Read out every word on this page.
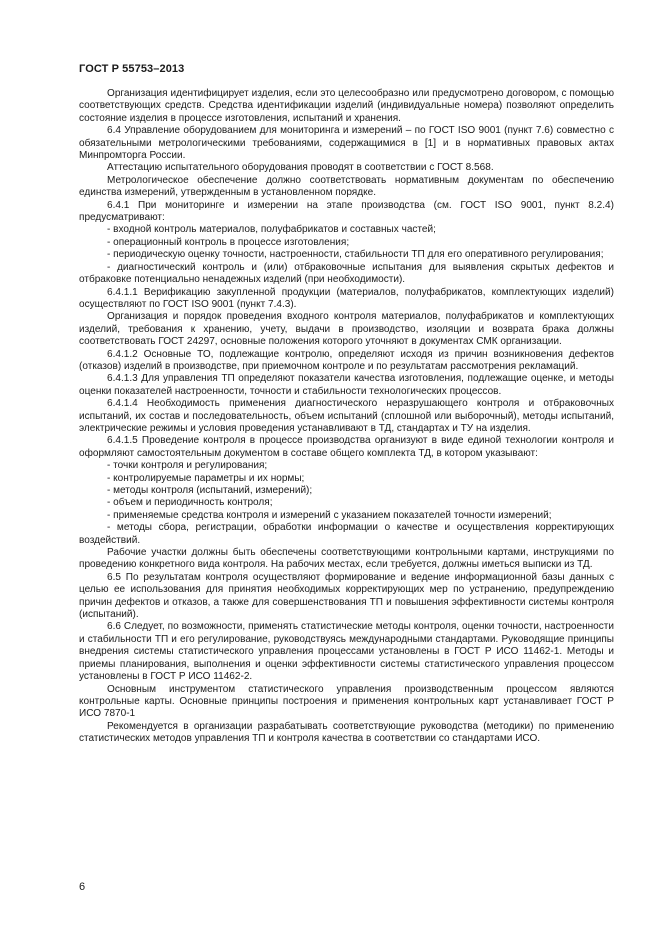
ГОСТ Р 55753–2013

Организация идентифицирует изделия, если это целесообразно или предусмотрено договором, с помощью соответствующих средств. Средства идентификации изделий (индивидуальные номера) позволяют определить состояние изделия в процессе изготовления, испытаний и хранения.

6.4 Управление оборудованием для мониторинга и измерений – по ГОСТ ISO 9001 (пункт 7.6) совместно с обязательными метрологическими требованиями, содержащимися в [1] и в нормативных правовых актах Минпромторга России.

Аттестацию испытательного оборудования проводят в соответствии с ГОСТ 8.568.

Метрологическое обеспечение должно соответствовать нормативным документам по обеспечению единства измерений, утвержденным в установленном порядке.

6.4.1 При мониторинге и измерении на этапе производства (см. ГОСТ ISO 9001, пункт 8.2.4) предусматривают:

- входной контроль материалов, полуфабрикатов и составных частей;

- операционный контроль в процессе изготовления;

- периодическую оценку точности, настроенности, стабильности ТП для его оперативного регулирования;

- диагностический контроль и (или) отбраковочные испытания для выявления скрытых дефектов и отбраковке потенциально ненадежных изделий (при необходимости).

6.4.1.1 Верификацию закупленной продукции (материалов, полуфабрикатов, комплектующих изделий) осуществляют по ГОСТ ISO 9001 (пункт 7.4.3).

Организация и порядок проведения входного контроля материалов, полуфабрикатов и комплектующих изделий, требования к хранению, учету, выдачи в производство, изоляции и возврата брака должны соответствовать ГОСТ 24297, основные положения которого уточняют в документах СМК организации.

6.4.1.2 Основные ТО, подлежащие контролю, определяют исходя из причин возникновения дефектов (отказов) изделий в производстве, при приемочном контроле и по результатам рассмотрения рекламаций.

6.4.1.3 Для управления ТП определяют показатели качества изготовления, подлежащие оценке, и методы оценки показателей настроенности, точности и стабильности технологических процессов.

6.4.1.4 Необходимость применения диагностического неразрушающего контроля и отбраковочных испытаний, их состав и последовательность, объем испытаний (сплошной или выборочный), методы испытаний, электрические режимы и условия проведения устанавливают в ТД, стандартах и ТУ на изделия.

6.4.1.5 Проведение контроля в процессе производства организуют в виде единой технологии контроля и оформляют самостоятельным документом в составе общего комплекта ТД, в котором указывают:

- точки контроля и регулирования;

- контролируемые параметры и их нормы;

- методы контроля (испытаний, измерений);

- объем и периодичность контроля;

- применяемые средства контроля и измерений с указанием показателей точности измерений;

- методы сбора, регистрации, обработки информации о качестве и осуществления корректирующих воздействий.

Рабочие участки должны быть обеспечены соответствующими контрольными картами, инструкциями по проведению конкретного вида контроля. На рабочих местах, если требуется, должны иметься выписки из ТД.

6.5 По результатам контроля осуществляют формирование и ведение информационной базы данных с целью ее использования для принятия необходимых корректирующих мер по устранению, предупреждению причин дефектов и отказов, а также для совершенствования ТП и повышения эффективности системы контроля (испытаний).

6.6 Следует, по возможности, применять статистические методы контроля, оценки точности, настроенности и стабильности ТП и его регулирование, руководствуясь международными стандартами. Руководящие принципы внедрения системы статистического управления процессами установлены в ГОСТ Р ИСО 11462-1. Методы и приемы планирования, выполнения и оценки эффективности системы статистического управления процессом установлены в ГОСТ Р ИСО 11462-2.

Основным инструментом статистического управления производственным процессом являются контрольные карты. Основные принципы построения и применения контрольных карт устанавливает ГОСТ Р ИСО 7870-1

Рекомендуется в организации разрабатывать соответствующие руководства (методики) по применению статистических методов управления ТП и контроля качества в соответствии со стандартами ИСО.

6
